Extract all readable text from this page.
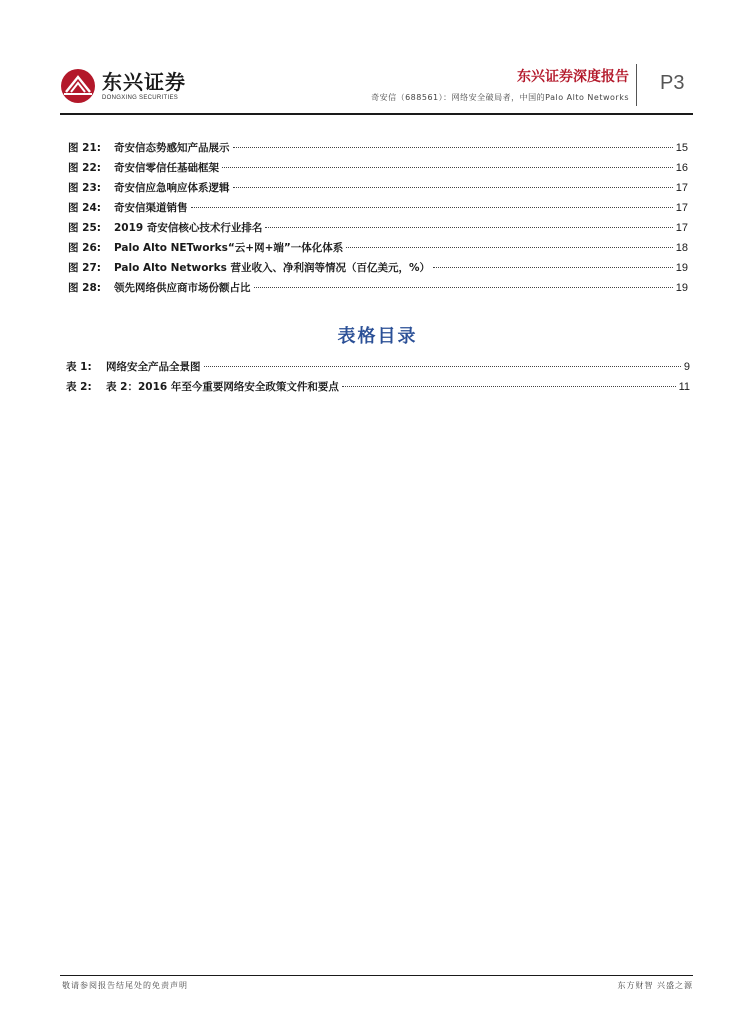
东兴证券
DONGXING SECURITIES
东兴证券深度报告
奇安信（688561）：网络安全破局者，中国的Palo Alto Networks
P3
图 21:	奇安信态势感知产品展示	15
图 22:	奇安信零信任基础框架	16
图 23:	奇安信应急响应体系逻辑	17
图 24:	奇安信渠道销售	17
图 25:	2019 奇安信核心技术行业排名	17
图 26:	Palo Alto NETworks“云+网+端”一体化体系	18
图 27:	Palo Alto Networks 营业收入、净利润等情况（百亿美元，%）	19
图 28:	领先网络供应商市场份额占比	19
表格目录
表 1:	网络安全产品全景图	9
表 2:	表 2：2016 年至今重要网络安全政策文件和要点	11
敬请参阅报告结尾处的免责声明	东方财智 兴盛之源
